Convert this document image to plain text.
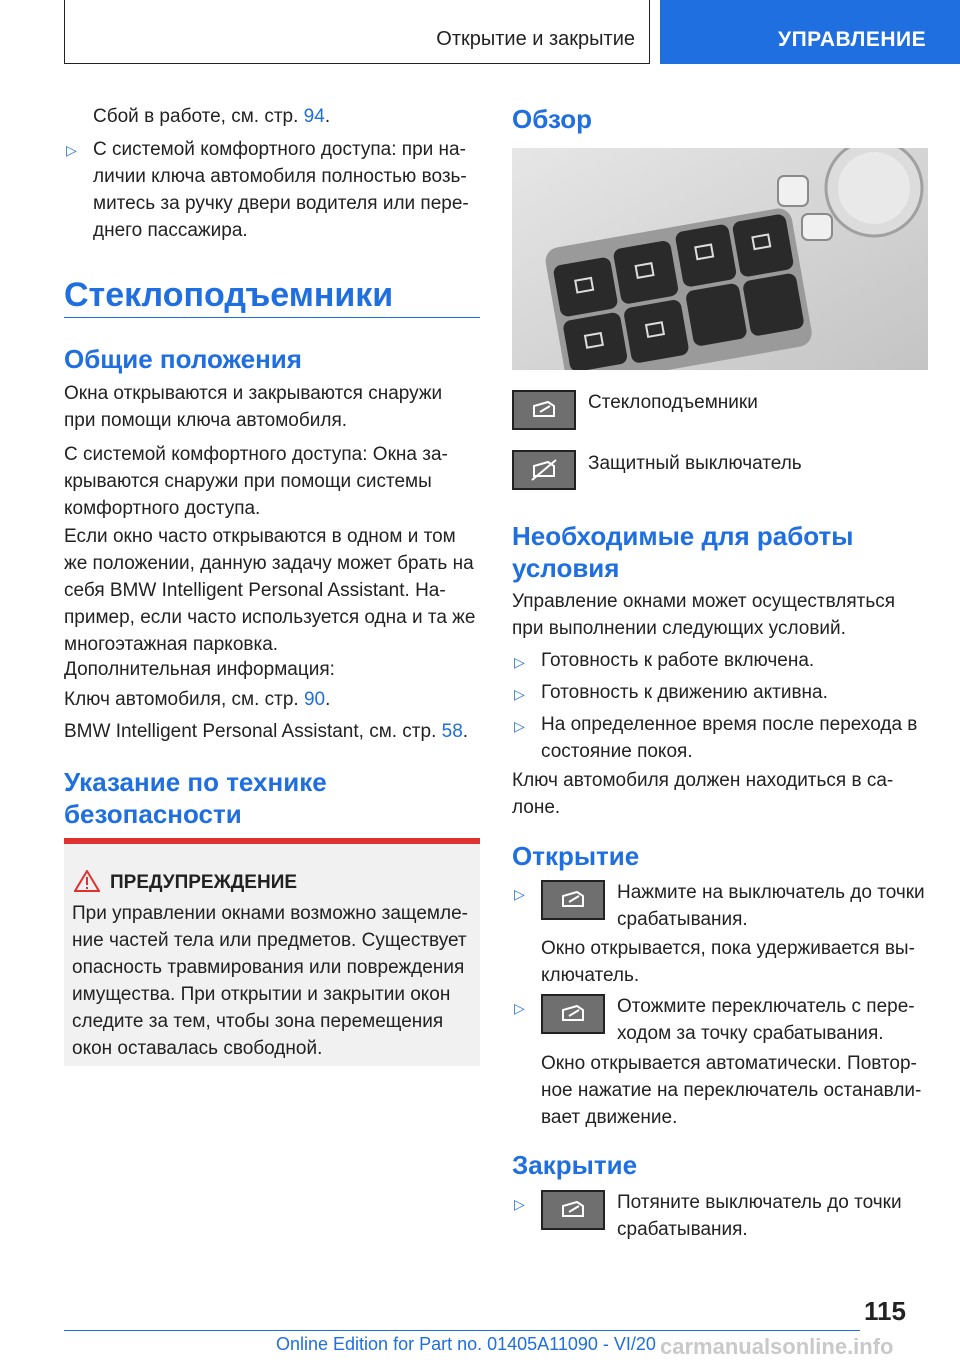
Открытие и закрытие	УПРАВЛЕНИЕ

Сбой в работе, см. стр. 94.

▷ С системой комфортного доступа: при на-

личии ключа автомобиля полностью возь-

митесь за ручку двери водителя или пере-

днего пассажира.

Стеклоподъемники
Общие положения

Окна открываются и закрываются снаружи

при помощи ключа автомобиля.

С системой комфортного доступа: Окна за-

крываются снаружи при помощи системы

комфортного доступа.

Если окно часто открываются в одном и том

же положении, данную задачу может брать на

себя BMW Intelligent Personal Assistant. На-

пример, если часто используется одна и та же

многоэтажная парковка.

Дополнительная информация:

Ключ автомобиля, см. стр. 90.

BMW Intelligent Personal Assistant, см. стр. 58.

Указание по технике

безопасности

ПРЕДУПРЕЖДЕНИЕ

При управлении окнами возможно защемле-

ние частей тела или предметов. Существует

опасность травмирования или повреждения

имущества. При открытии и закрытии окон

следите за тем, чтобы зона перемещения

окон оставалась свободной.

Обзор

Стеклоподъемники

Защитный выключатель

Необходимые для работы

условия

Управление окнами может осуществляться

при выполнении следующих условий.

▷ Готовность к работе включена.

▷ Готовность к движению активна.

▷ На определенное время после перехода в

состояние покоя.

Ключ автомобиля должен находиться в са-

лоне.

Открытие
▷	Нажмите на выключатель до точки

срабатывания.

Окно открывается, пока удерживается вы-

ключатель.

▷	Отожмите переключатель с пере-

ходом за точку срабатывания.

Окно открывается автоматически. Повтор-

ное нажатие на переключатель останавли-

вает движение.

Закрытие
▷	Потяните выключатель до точки

срабатывания.

115
Online Edition for Part no. 01405A11090 - VI/20 carmanualsonline.info
